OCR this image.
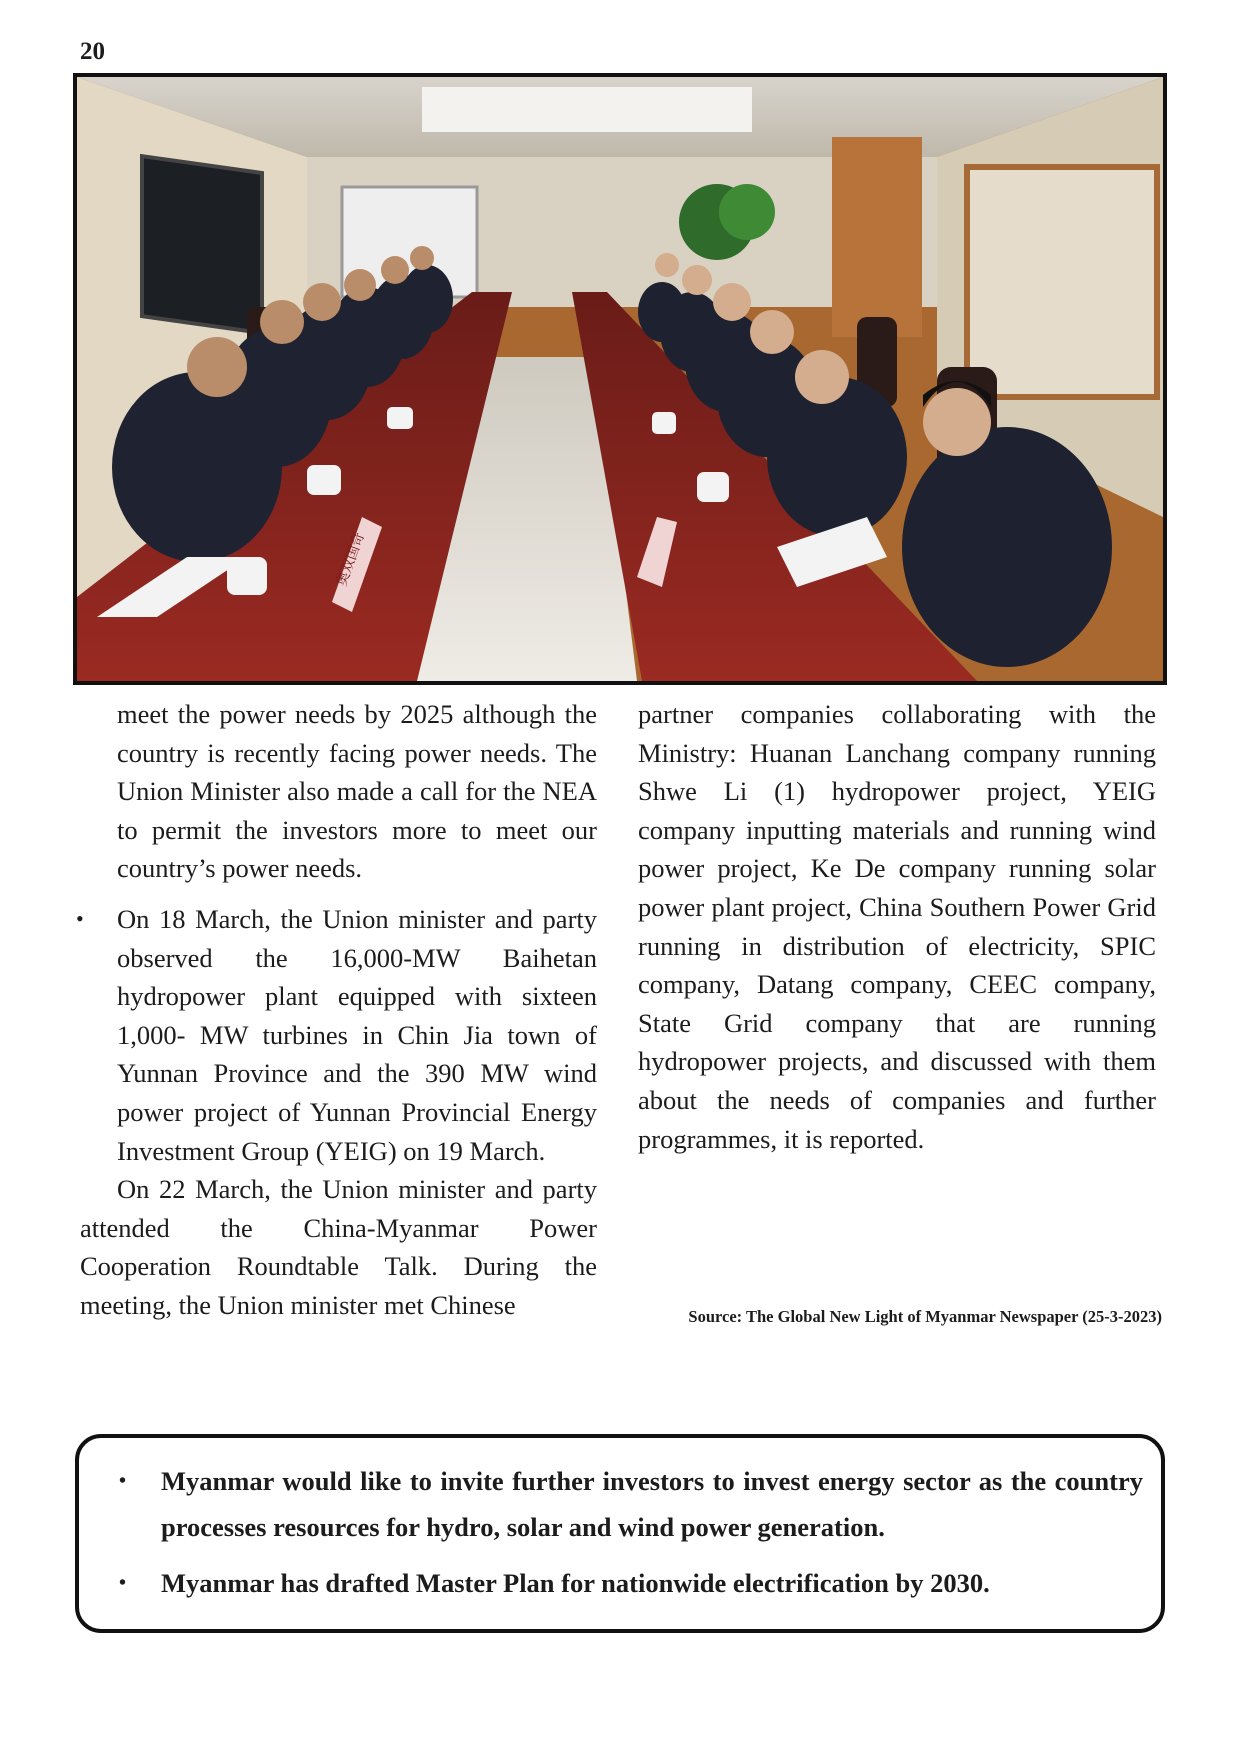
20
奥双国奇

meet the power needs by 2025 although the country is recently facing power needs. The Union Minister also made a call for the NEA to permit the investors more to meet our country’s power needs.

• On 18 March, the Union minister and party observed the 16,000-MW Baihetan hydropower plant equipped with sixteen 1,000- MW turbines in Chin Jia town of Yunnan Province and the 390 MW wind power project of Yunnan Provincial Energy Investment Group (YEIG) on 19 March.

On 22 March, the Union minister and party attended the China-Myanmar Power Cooperation Roundtable Talk. During the meeting, the Union minister met Chinese

partner companies collaborating with the Ministry: Huanan Lanchang company running Shwe Li (1) hydropower project, YEIG company inputting materials and running wind power project, Ke De company running solar power plant project, China Southern Power Grid running in distribution of electricity, SPIC company, Datang company, CEEC company, State Grid company that are running hydropower projects, and discussed with them about the needs of companies and further programmes, it is reported.

Source: The Global New Light of Myanmar Newspaper (25-3-2023)
• Myanmar would like to invite further investors to invest energy sector as the country processes resources for hydro, solar and wind power generation.
• Myanmar has drafted Master Plan for nationwide electrification by 2030.
